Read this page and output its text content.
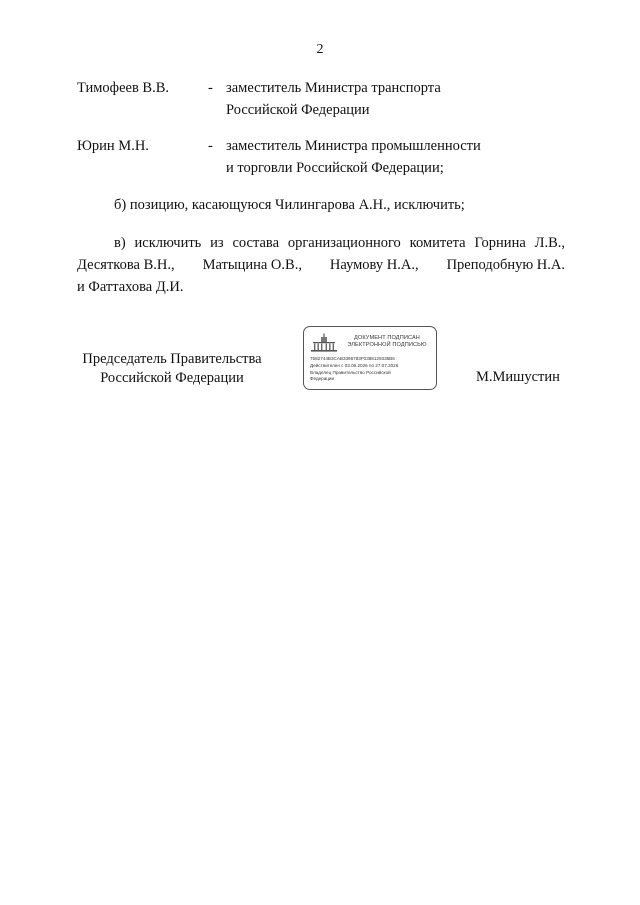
2
Тимофеев В.В.	- заместитель Министра транспорта
Российской Федерации
Юрин М.Н.	- заместитель Министра промышленности
и торговли Российской Федерации;
б) позицию, касающуюся Чилингарова А.Н., исключить;
в) исключить из состава организационного комитета Горнина Л.В.,
Десяткова В.Н., Матыцина О.В., Наумову Н.А., Преподобную Н.А.
и Фаттахова Д.И.
Председатель Правительства
Российской Федерации
ДОКУМЕНТ ПОДПИСАН
ЭЛЕКТРОННОЙ ПОДПИСЬЮ
7582744B3CAB3396783F0388129335B6
Действителен с 03.06.2026 по 27.07.2026
Владелец Правительство Российской
Федерации	М.Мишустин
